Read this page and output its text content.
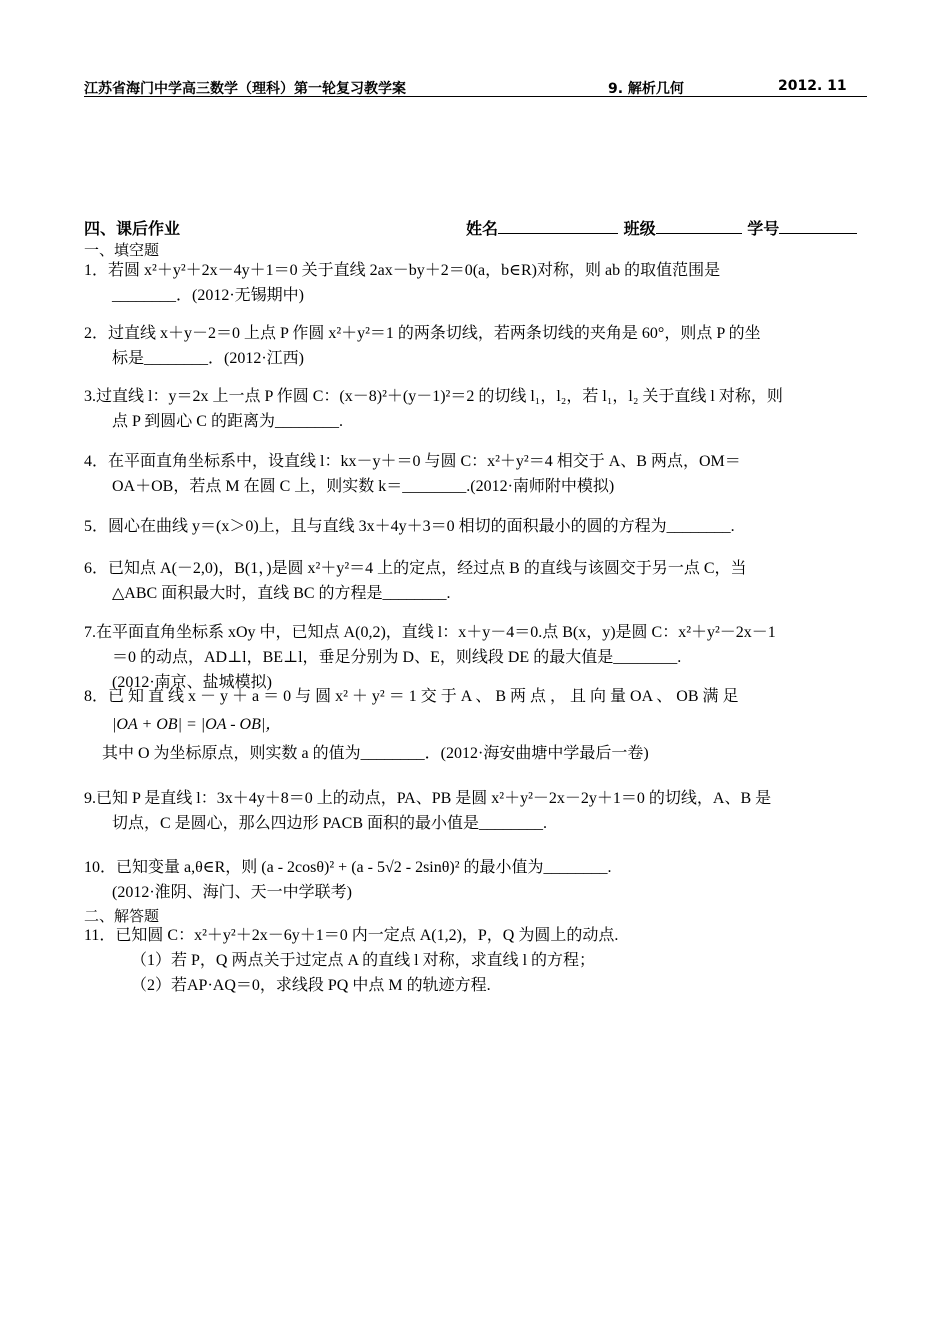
江苏省海门中学高三数学（理科）第一轮复习教学案	9. 解析几何	2012. 11
四、课后作业	姓名	班级	学号
一、填空题
1．若圆 x²＋y²＋2x－4y＋1＝0 关于直线 2ax－by＋2＝0(a，b∈R)对称，则 ab 的取值范围是
________．(2012·无锡期中)
2．过直线 x＋y－2＝0 上点 P 作圆 x²＋y²＝1 的两条切线，若两条切线的夹角是 60°，则点 P 的坐
标是________．(2012·江西)
3.过直线 l：y＝2x 上一点 P 作圆 C：(x－8)²＋(y－1)²＝2 的切线 l₁，l₂，若 l₁，l₂ 关于直线 l 对称，则
点 P 到圆心 C 的距离为________.
4．在平面直角坐标系中，设直线 l：kx－y＋＝0 与圆 C：x²＋y²＝4 相交于 A、B 两点，OM＝
OA＋OB，若点 M 在圆 C 上，则实数 k＝________.(2012·南师附中模拟)
5．圆心在曲线 y＝(x＞0)上，且与直线 3x＋4y＋3＝0 相切的面积最小的圆的方程为________.
6．已知点 A(－2,0)，B(1，)是圆 x²＋y²＝4 上的定点，经过点 B 的直线与该圆交于另一点 C，当
△ABC 面积最大时，直线 BC 的方程是________.
7.在平面直角坐标系 xOy 中，已知点 A(0,2)，直线 l：x＋y－4＝0.点 B(x，y)是圆 C：x²＋y²－2x－1
＝0 的动点，AD⊥l，BE⊥l，垂足分别为 D、E，则线段 DE 的最大值是________.
(2012·南京、盐城模拟)
8．已 知 直 线 x － y ＋ a ＝ 0 与 圆 x² ＋ y² ＝ 1 交 于 A 、 B 两 点 ， 且 向 量 OA 、 OB 满 足
|OA + OB| = |OA - OB|，
其中 O 为坐标原点，则实数 a 的值为________．(2012·海安曲塘中学最后一卷)
9.已知 P 是直线 l：3x＋4y＋8＝0 上的动点，PA、PB 是圆 x²＋y²－2x－2y＋1＝0 的切线，A、B 是
切点，C 是圆心，那么四边形 PACB 面积的最小值是________.
10．已知变量 a,θ∈R，则 (a - 2cosθ)² + (a - 5√2 - 2sinθ)² 的最小值为________.
(2012·淮阴、海门、天一中学联考)
二、解答题
11．已知圆 C：x²＋y²＋2x－6y＋1＝0 内一定点 A(1,2)，P，Q 为圆上的动点.
（1）若 P，Q 两点关于过定点 A 的直线 l 对称，求直线 l 的方程；
（2）若AP·AQ＝0，求线段 PQ 中点 M 的轨迹方程.
